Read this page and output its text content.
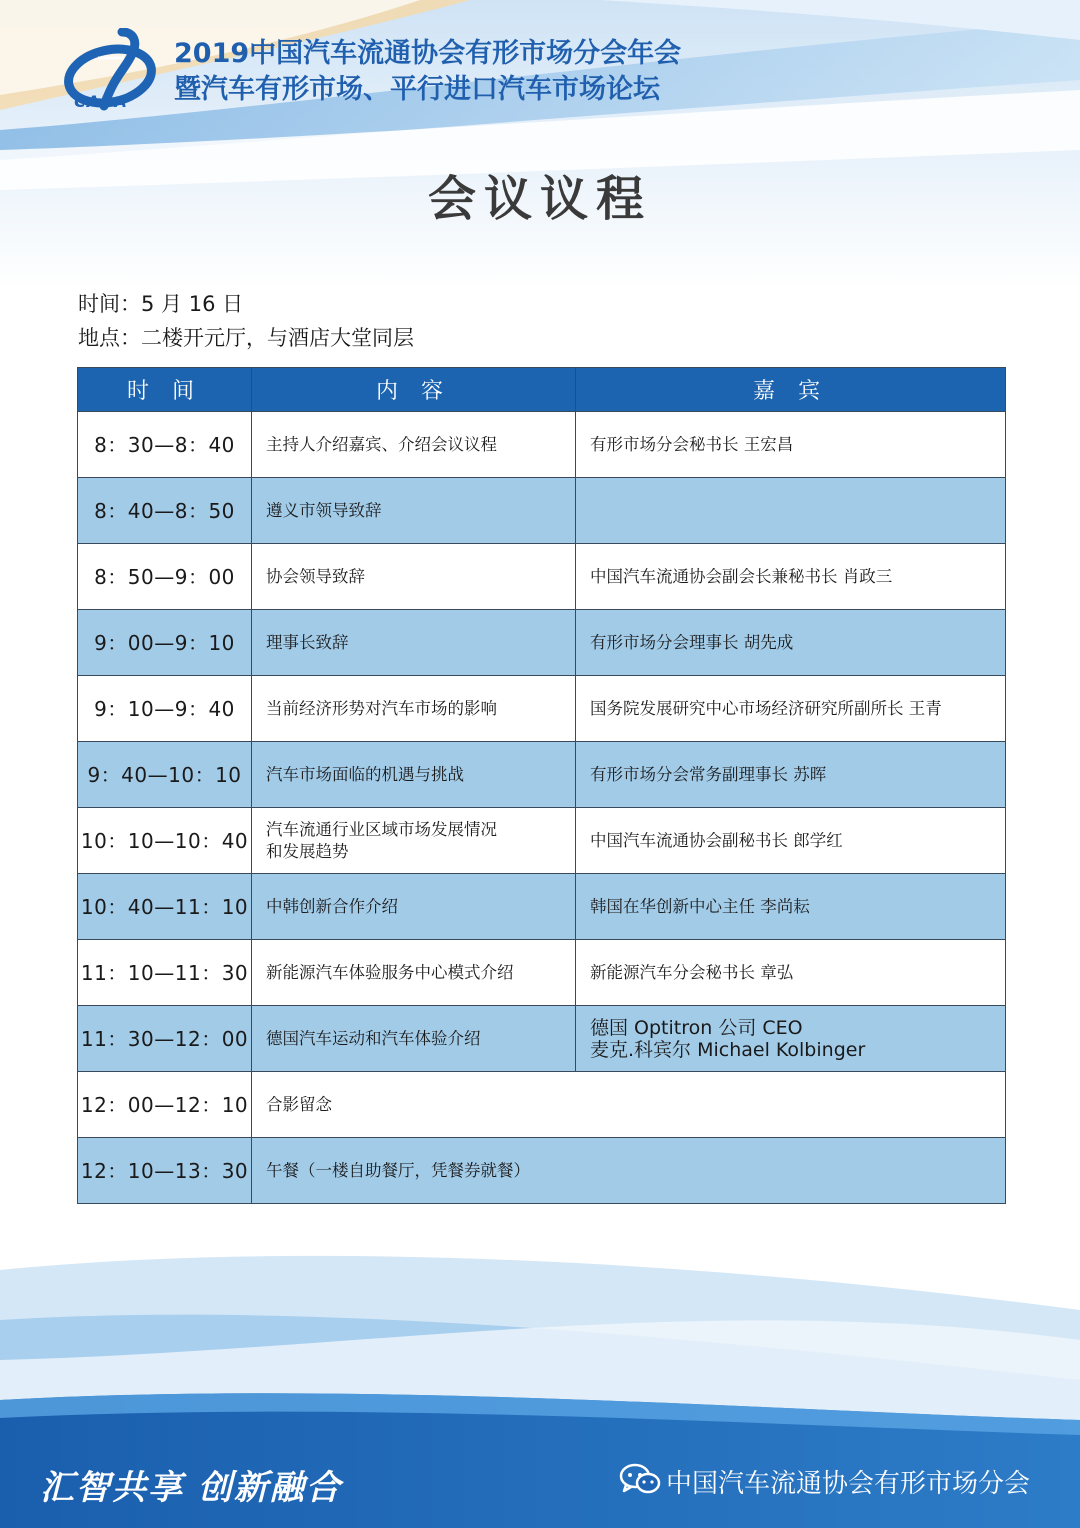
CADA
2019中国汽车流通协会有形市场分会年会
暨汽车有形市场、平行进口汽车市场论坛
会议议程
时间：5 月 16 日
地点：二楼开元厅，与酒店大堂同层
时 间	内 容	嘉 宾
8：30—8：40	主持人介绍嘉宾、介绍会议议程	有形市场分会秘书长 王宏昌
8：40—8：50	遵义市领导致辞	
8：50—9：00	协会领导致辞	中国汽车流通协会副会长兼秘书长 肖政三
9：00—9：10	理事长致辞	有形市场分会理事长 胡先成
9：10—9：40	当前经济形势对汽车市场的影响	国务院发展研究中心市场经济研究所副所长 王青
9：40—10：10	汽车市场面临的机遇与挑战	有形市场分会常务副理事长 苏晖
10：10—10：40	汽车流通行业区域市场发展情况
和发展趋势	中国汽车流通协会副秘书长 郎学红
10：40—11：10	中韩创新合作介绍	韩国在华创新中心主任 李尚耘
11：10—11：30	新能源汽车体验服务中心模式介绍	新能源汽车分会秘书长 章弘
11：30—12：00	德国汽车运动和汽车体验介绍	德国 Optitron 公司 CEO
麦克.科宾尔 Michael Kolbinger

12：00—12：10	合影留念	
12：10—13：30	午餐（一楼自助餐厅，凭餐券就餐）	
汇智共享 创新融合	中国汽车流通协会有形市场分会
